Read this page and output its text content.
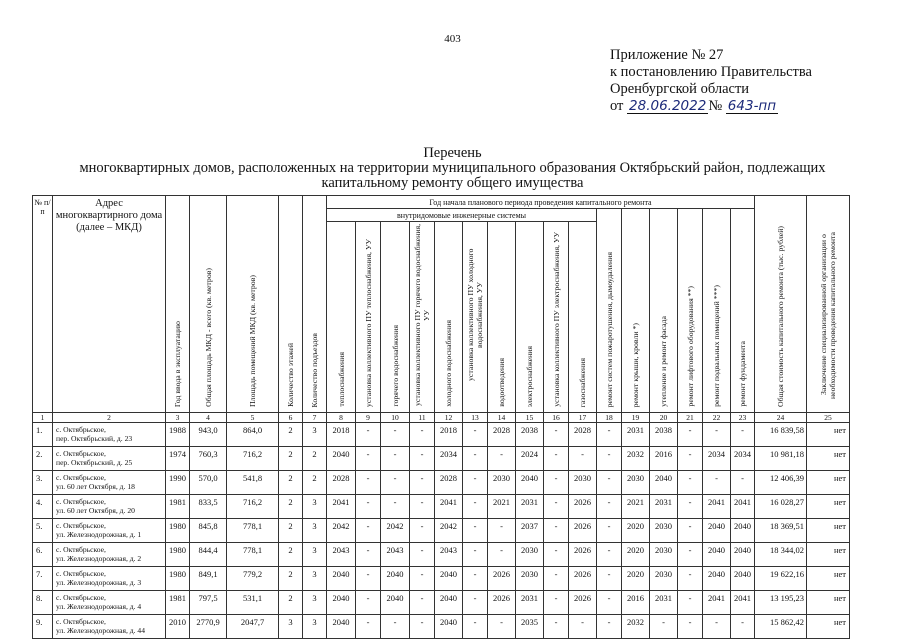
403
Приложение № 27
к постановлению Правительства
Оренбургской области
от 28.06.2022 № 643-пп
Перечень
многоквартирных домов, расположенных на территории муниципального образования Октябрьский район, подлежащих
капитальному ремонту общего имущества
№ п/п	Адрес многоквартирного дома (далее – МКД)	Год ввода в эксплуатацию	Общая площадь МКД - всего (кв. метров)	Площадь помещений МКД (кв. метров)	Количество этажей	Количество подъездов	Год начала планового периода проведения капитального ремонта																Общая стоимость капитального ремонта (тыс. рублей)	Заключение специализированной организации о необходимости проведения капитального ремонта
							внутридомовые инженерные системы										ремонт систем пожаротушения, дымоудаления	ремонт крыши, кровли *)	утепление и ремонт фасада	ремонт лифтового оборудования **)	ремонт подвальных помещений ***)	ремонт фундамента		
							теплоснабжения	установка коллективного ПУ теплоснабжения, УУ	горячего водоснабжения	установка коллективного ПУ горячего водоснабжения, УУ	холодного водоснабжения	установка коллективного ПУ холодного водоснабжения, УУ	водоотведения	электроснабжения	установка коллективного ПУ электроснабжения, УУ	газоснабжения								
1	2	3	4	5	6	7	8	9	10	11	12	13	14	15	16	17	18	19	20	21	22	23	24	25
1.	с. Октябрьское,
пер. Октябрьский, д. 23	1988	943,0	864,0	2	3	2018	-	-	-	2018	-	2028	2038	-	2028	-	2031	2038	-	-	-	16 839,58	нет
2.	с. Октябрьское,
пер. Октябрьский, д. 25	1974	760,3	716,2	2	2	2040	-	-	-	2034	-	-	2024	-	-	-	2032	2016	-	2034	2034	10 981,18	нет
3.	с. Октябрьское,
ул. 60 лет Октября, д. 18	1990	570,0	541,8	2	2	2028	-	-	-	2028	-	2030	2040	-	2030	-	2030	2040	-	-	-	12 406,39	нет
4.	с. Октябрьское,
ул. 60 лет Октября, д. 20	1981	833,5	716,2	2	3	2041	-	-	-	2041	-	2021	2031	-	2026	-	2021	2031	-	2041	2041	16 028,27	нет
5.	с. Октябрьское,
ул. Железнодорожная, д. 1	1980	845,8	778,1	2	3	2042	-	2042	-	2042	-	-	2037	-	2026	-	2020	2030	-	2040	2040	18 369,51	нет
6.	с. Октябрьское,
ул. Железнодорожная, д. 2	1980	844,4	778,1	2	3	2043	-	2043	-	2043	-	-	2030	-	2026	-	2020	2030	-	2040	2040	18 344,02	нет
7.	с. Октябрьское,
ул. Железнодорожная, д. 3	1980	849,1	779,2	2	3	2040	-	2040	-	2040	-	2026	2030	-	2026	-	2020	2030	-	2040	2040	19 622,16	нет
8.	с. Октябрьское,
ул. Железнодорожная, д. 4	1981	797,5	531,1	2	3	2040	-	2040	-	2040	-	2026	2031	-	2026	-	2016	2031	-	2041	2041	13 195,23	нет
9.	с. Октябрьское,
ул. Железнодорожная, д. 44	2010	2770,9	2047,7	3	3	2040	-	-	-	2040	-	-	2035	-	-	-	2032	-	-	-	-	15 862,42	нет
